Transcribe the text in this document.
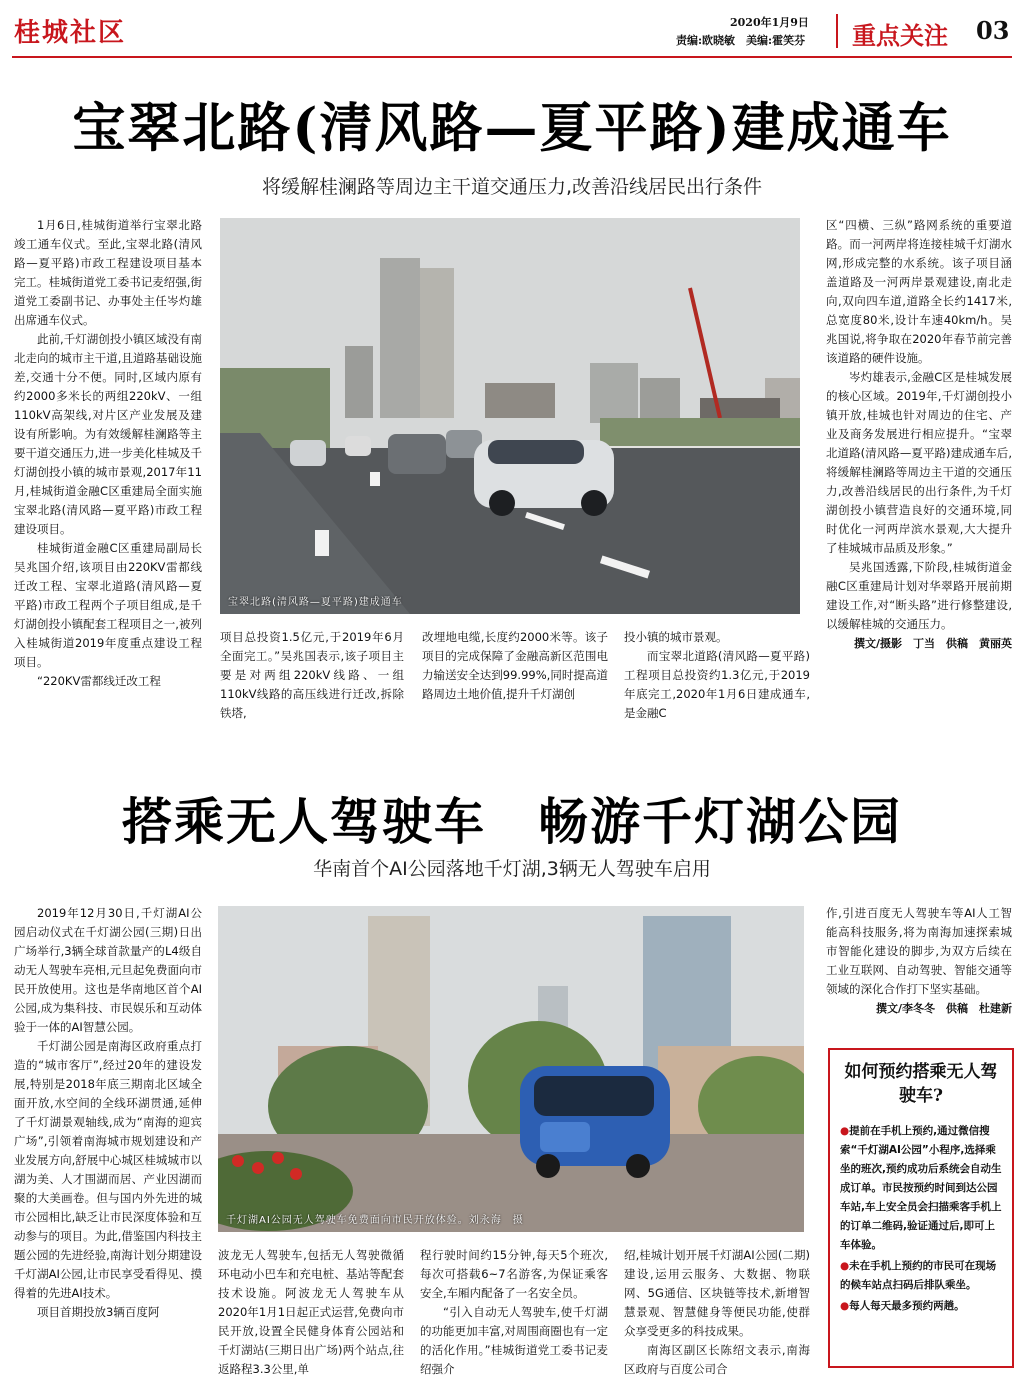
桂城社区	2020年1月9日
责编:欧晓敏　美编:霍笑芬 重点关注 03
宝翠北路(清风路—夏平路)建成通车
将缓解桂澜路等周边主干道交通压力,改善沿线居民出行条件

1月6日,桂城街道举行宝翠北路竣工通车仪式。至此,宝翠北路(清风路—夏平路)市政工程建设项目基本完工。桂城街道党工委书记麦绍强,街道党工委副书记、办事处主任岑灼雄出席通车仪式。

此前,千灯湖创投小镇区域没有南北走向的城市主干道,且道路基础设施差,交通十分不便。同时,区域内原有约2000多米长的两组220kV、一组110kV高架线,对片区产业发展及建设有所影响。为有效缓解桂澜路等主要干道交通压力,进一步美化桂城及千灯湖创投小镇的城市景观,2017年11月,桂城街道金融C区重建局全面实施宝翠北路(清风路—夏平路)市政工程建设项目。

桂城街道金融C区重建局副局长吴兆国介绍,该项目由220KV雷都线迁改工程、宝翠北道路(清风路—夏平路)市政工程两个子项目组成,是千灯湖创投小镇配套工程项目之一,被列入桂城街道2019年度重点建设工程项目。

“220KV雷都线迁改工程

宝翠北路(清风路—夏平路)建成通车

项目总投资1.5亿元,于2019年6月全面完工。”吴兆国表示,该子项目主要是对两组220kV线路、一组110kV线路的高压线进行迁改,拆除铁塔,

改埋地电缆,长度约2000米等。该子项目的完成保障了金融高新区范围电力输送安全达到99.99%,同时提高道路周边土地价值,提升千灯湖创

投小镇的城市景观。

而宝翠北道路(清风路—夏平路)工程项目总投资约1.3亿元,于2019年底完工,2020年1月6日建成通车,是金融C

区“四横、三纵”路网系统的重要道路。而一河两岸将连接桂城千灯湖水网,形成完整的水系统。该子项目涵盖道路及一河两岸景观建设,南北走向,双向四车道,道路全长约1417米,总宽度80米,设计车速40km/h。吴兆国说,将争取在2020年春节前完善该道路的硬件设施。

岑灼雄表示,金融C区是桂城发展的核心区域。2019年,千灯湖创投小镇开放,桂城也针对周边的住宅、产业及商务发展进行相应提升。“宝翠北道路(清风路—夏平路)建成通车后,将缓解桂澜路等周边主干道的交通压力,改善沿线居民的出行条件,为千灯湖创投小镇营造良好的交通环境,同时优化一河两岸滨水景观,大大提升了桂城城市品质及形象。”

吴兆国透露,下阶段,桂城街道金融C区重建局计划对华翠路开展前期建设工作,对“断头路”进行修整建设,以缓解桂城的交通压力。

撰文/摄影　丁当　供稿　黄丽英
搭乘无人驾驶车　畅游千灯湖公园
华南首个AI公园落地千灯湖,3辆无人驾驶车启用

2019年12月30日,千灯湖AI公园启动仪式在千灯湖公园(三期)日出广场举行,3辆全球首款量产的L4级自动无人驾驶车亮相,元旦起免费面向市民开放使用。这也是华南地区首个AI公园,成为集科技、市民娱乐和互动体验于一体的AI智慧公园。

千灯湖公园是南海区政府重点打造的“城市客厅”,经过20年的建设发展,特别是2018年底三期南北区域全面开放,水空间的全线环湖贯通,延伸了千灯湖景观轴线,成为“南海的迎宾广场”,引领着南海城市规划建设和产业发展方向,舒展中心城区桂城城市以湖为美、人才围湖而居、产业因湖而聚的大美画卷。但与国内外先进的城市公园相比,缺乏让市民深度体验和互动参与的项目。为此,借鉴国内科技主题公园的先进经验,南海计划分期建设千灯湖AI公园,让市民享受看得见、摸得着的先进AI技术。

项目首期投放3辆百度阿

千灯湖AI公园无人驾驶车免费面向市民开放体验。刘永海　摄

波龙无人驾驶车,包括无人驾驶微循环电动小巴车和充电桩、基站等配套技术设施。阿波龙无人驾驶车从2020年1月1日起正式运营,免费向市民开放,设置全民健身体育公园站和千灯湖站(三期日出广场)两个站点,往返路程3.3公里,单

程行驶时间约15分钟,每天5个班次,每次可搭载6~7名游客,为保证乘客安全,车厢内配备了一名安全员。

“引入自动无人驾驶车,使千灯湖的功能更加丰富,对周围商圈也有一定的活化作用。”桂城街道党工委书记麦绍强介

绍,桂城计划开展千灯湖AI公园(二期)建设,运用云服务、大数据、物联网、5G通信、区块链等技术,新增智慧景观、智慧健身等便民功能,使群众享受更多的科技成果。

南海区副区长陈绍文表示,南海区政府与百度公司合

作,引进百度无人驾驶车等AI人工智能高科技服务,将为南海加速探索城市智能化建设的脚步,为双方后续在工业互联网、自动驾驶、智能交通等领域的深化合作打下坚实基础。

撰文/李冬冬　供稿　杜建新
如何预约搭乘无人驾驶车?
●提前在手机上预约,通过微信搜索“千灯湖AI公园”小程序,选择乘坐的班次,预约成功后系统会自动生成订单。市民按预约时间到达公园车站,车上安全员会扫描乘客手机上的订单二维码,验证通过后,即可上车体验。
●未在手机上预约的市民可在现场的候车站点扫码后排队乘坐。
●每人每天最多预约两趟。
